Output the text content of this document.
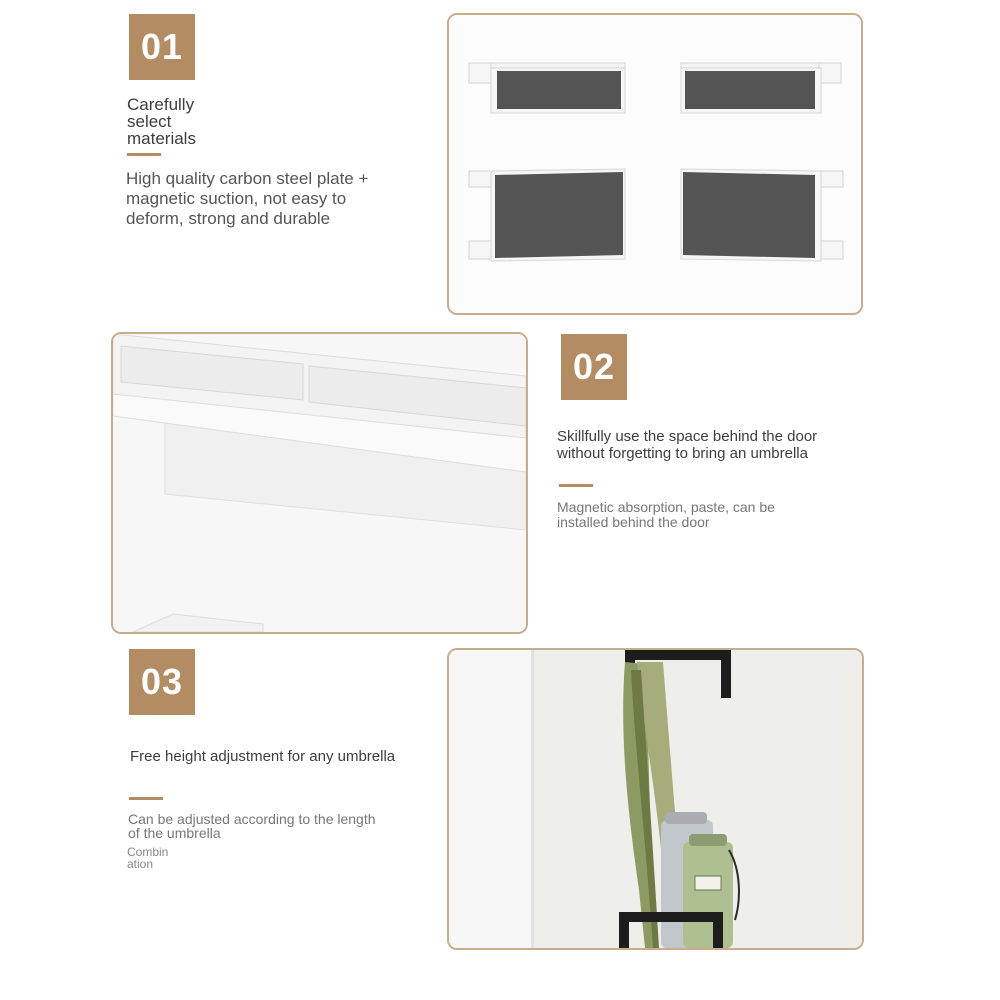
01
Carefully
select
materials
High quality carbon steel plate +
magnetic suction, not easy to
deform, strong and durable
02
Skillfully use the space behind the door
without forgetting to bring an umbrella
Magnetic absorption, paste, can be
installed behind the door
03
Free height adjustment for any umbrella
Can be adjusted according to the length
of the umbrella
Combin
ation
